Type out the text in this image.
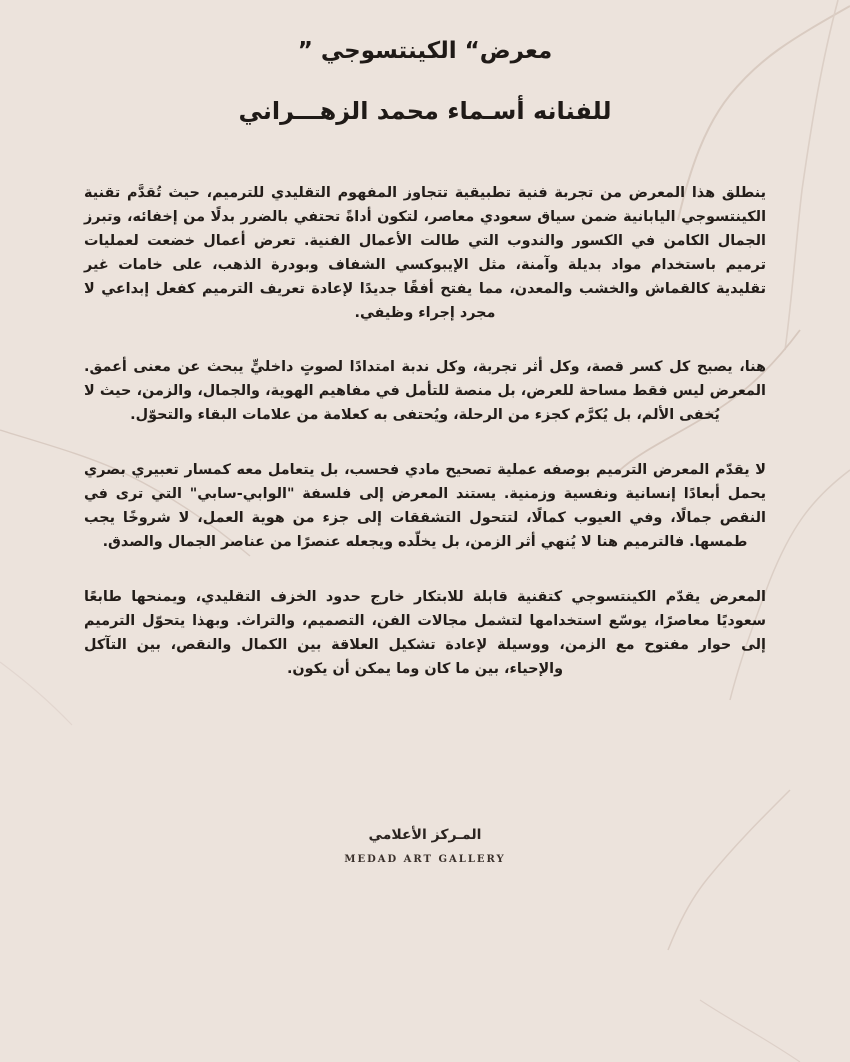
معرض“ الكينتسوجي ”
للفنانه أسـماء محمد الزهـــراني

ينطلق هذا المعرض من تجربة فنية تطبيقية تتجاوز المفهوم التقليدي للترميم، حيث تُقدَّم تقنية الكينتسوجي اليابانية ضمن سياق سعودي معاصر، لتكون أداةً تحتفي بالضرر بدلًا من إخفائه، وتبرز الجمال الكامن في الكسور والندوب التي طالت الأعمال الفنية. تعرض أعمال خضعت لعمليات ترميم باستخدام مواد بديلة وآمنة، مثل الإيبوكسي الشفاف وبودرة الذهب، على خامات غير تقليدية كالقماش والخشب والمعدن، مما يفتح أفقًا جديدًا لإعادة تعريف الترميم كفعل إبداعي لا مجرد إجراء وظيفي.

هنا، يصبح كل كسر قصة، وكل أثر تجربة، وكل ندبة امتدادًا لصوتٍ داخليٍّ يبحث عن معنى أعمق. المعرض ليس فقط مساحة للعرض، بل منصة للتأمل في مفاهيم الهوية، والجمال، والزمن، حيث لا يُخفى الألم، بل يُكرَّم كجزء من الرحلة، ويُحتفى به كعلامة من علامات البقاء والتحوّل.

لا يقدّم المعرض الترميم بوصفه عملية تصحيح مادي فحسب، بل يتعامل معه كمسار تعبيري بصري يحمل أبعادًا إنسانية ونفسية وزمنية. يستند المعرض إلى فلسفة "الوابي-سابي" التي ترى في النقص جمالًا، وفي العيوب كمالًا، لتتحول التشققات إلى جزء من هوية العمل، لا شروخًا يجب طمسها. فالترميم هنا لا يُنهي أثر الزمن، بل يخلّده ويجعله عنصرًا من عناصر الجمال والصدق.

المعرض يقدّم الكينتسوجي كتقنية قابلة للابتكار خارج حدود الخزف التقليدي، ويمنحها طابعًا سعوديًا معاصرًا، يوسّع استخدامها لتشمل مجالات الفن، التصميم، والتراث. وبهذا يتحوّل الترميم إلى حوار مفتوح مع الزمن، ووسيلة لإعادة تشكيل العلاقة بين الكمال والنقص، بين التآكل والإحياء، بين ما كان وما يمكن أن يكون.

المـركز الأعلامي
MEDAD ART GALLERY
